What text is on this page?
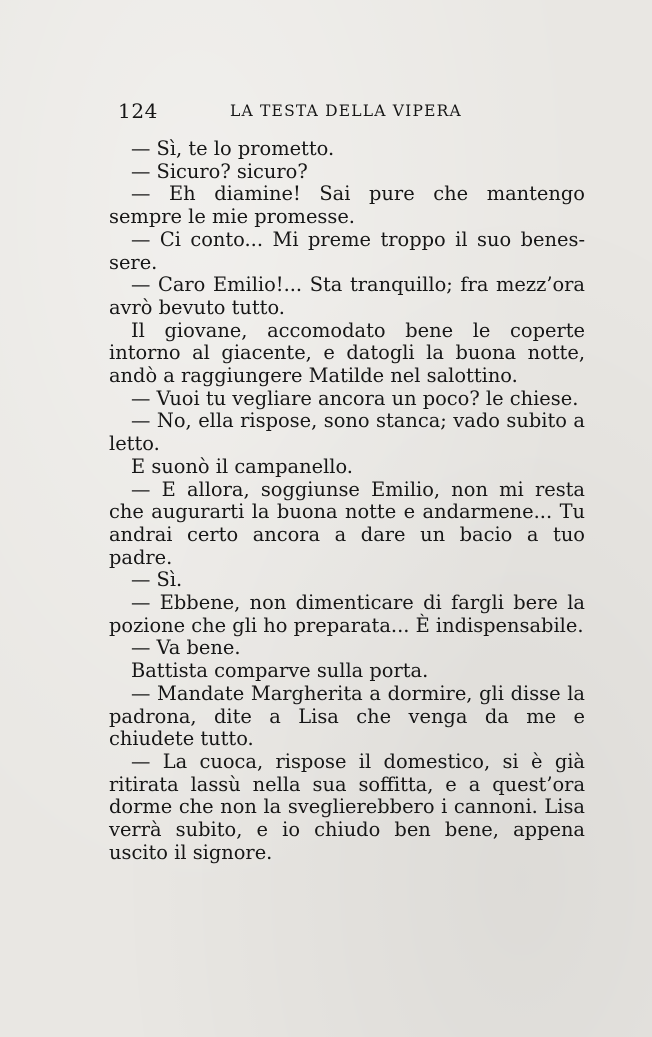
124	LA TESTA DELLA VIPERA

— Sì, te lo prometto.

— Sicuro? sicuro?

— Eh diamine! Sai pure che mantengo sempre le mie promesse.

— Ci conto... Mi preme troppo il suo benessere.

— Caro Emilio!... Sta tranquillo; fra mezz’ora avrò bevuto tutto.

Il giovane, accomodato bene le coperte intorno al giacente, e datogli la buona notte, andò a raggiungere Matilde nel salottino.

— Vuoi tu vegliare ancora un poco? le chiese.

— No, ella rispose, sono stanca; vado subito a letto.

E suonò il campanello.

— E allora, soggiunse Emilio, non mi resta che augurarti la buona notte e andarmene... Tu andrai certo ancora a dare un bacio a tuo padre.

— Sì.

— Ebbene, non dimenticare di fargli bere la pozione che gli ho preparata... È indispensabile.

— Va bene.

Battista comparve sulla porta.

— Mandate Margherita a dormire, gli disse la padrona, dite a Lisa che venga da me e chiudete tutto.

— La cuoca, rispose il domestico, si è già ritirata lassù nella sua soffitta, e a quest’ora dorme che non la sveglierebbero i cannoni. Lisa verrà subito, e io chiudo ben bene, appena uscito il signore.
